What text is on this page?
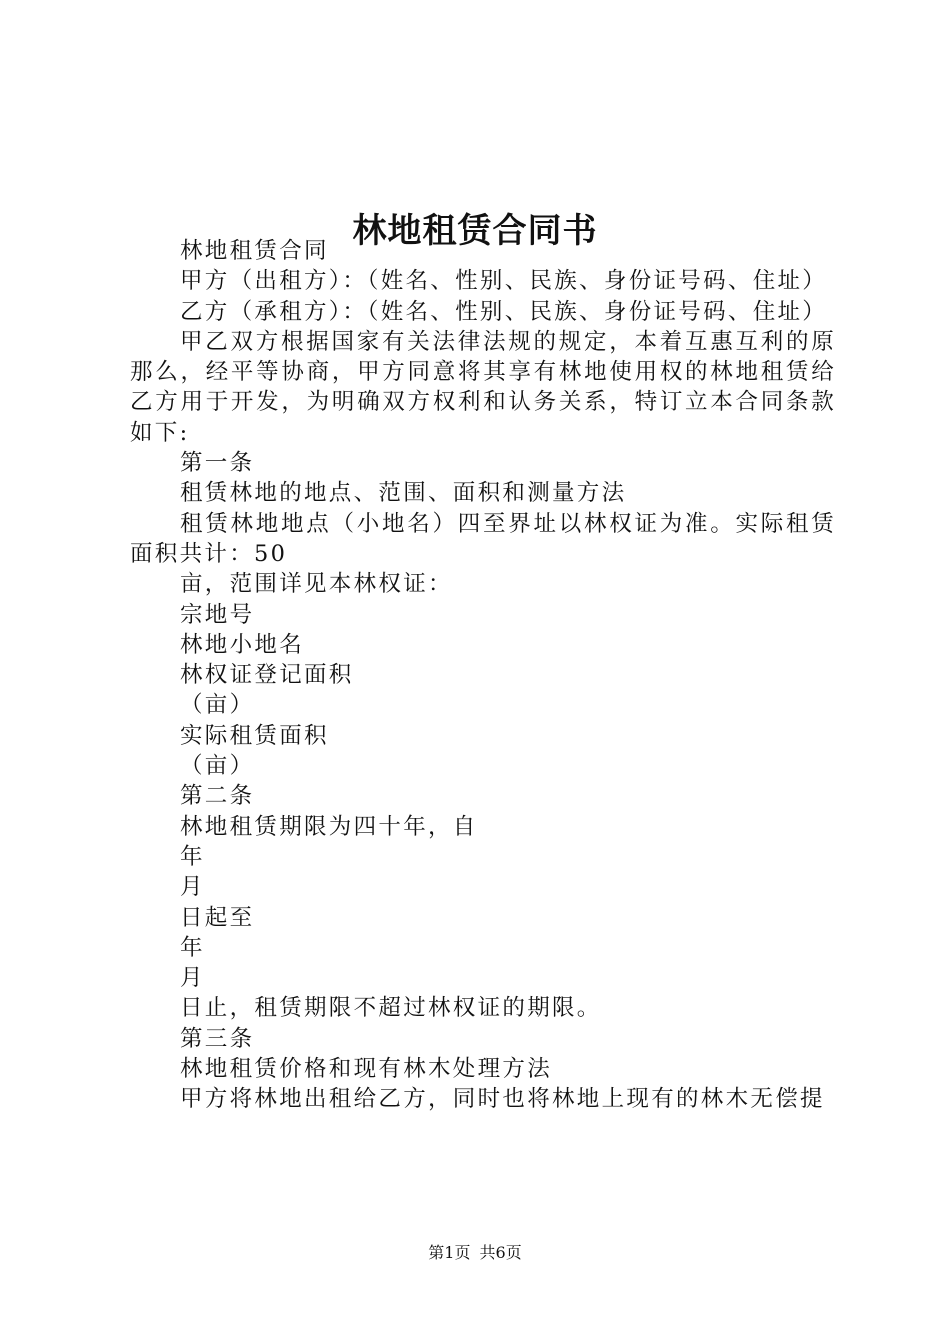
林地租赁合同书

林地租赁合同

甲方（出租方）：（姓名、性别、民族、身份证号码、住址）

乙方（承租方）：（姓名、性别、民族、身份证号码、住址）

甲乙双方根据国家有关法律法规的规定，本着互惠互利的原那么，经平等协商，甲方同意将其享有林地使用权的林地租赁给乙方用于开发，为明确双方权利和认务关系，特订立本合同条款如下:

第一条

租赁林地的地点、范围、面积和测量方法

租赁林地地点（小地名）四至界址以林权证为准。实际租赁面积共计：50

亩，范围详见本林权证：

宗地号

林地小地名

林权证登记面积

（亩）

实际租赁面积

（亩）

第二条

林地租赁期限为四十年，自

年

月

日起至

年

月

日止，租赁期限不超过林权证的期限。

第三条

林地租赁价格和现有林木处理方法

甲方将林地出租给乙方，同时也将林地上现有的林木无偿提

第1页 共6页
